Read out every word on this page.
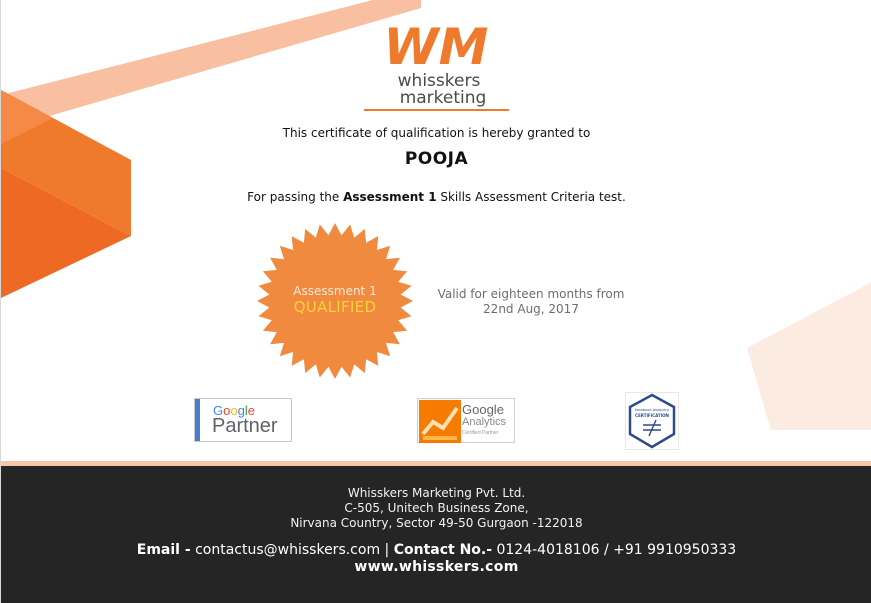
WM
whisskers
marketing
This certificate of qualification is hereby granted to
POOJA
For passing the Assessment 1 Skills Assessment Criteria test.
Assessment 1
QUALIFIED
Valid for eighteen months from
22nd Aug, 2017
Google
Partner
Google
Analytics
Certified Partner
facebook blueprint
CERTIFICATION
Whisskers Marketing Pvt. Ltd.
C-505, Unitech Business Zone,
Nirvana Country, Sector 49-50 Gurgaon -122018
Email - contactus@whisskers.com | Contact No.- 0124-4018106 / +91 9910950333
www.whisskers.com
